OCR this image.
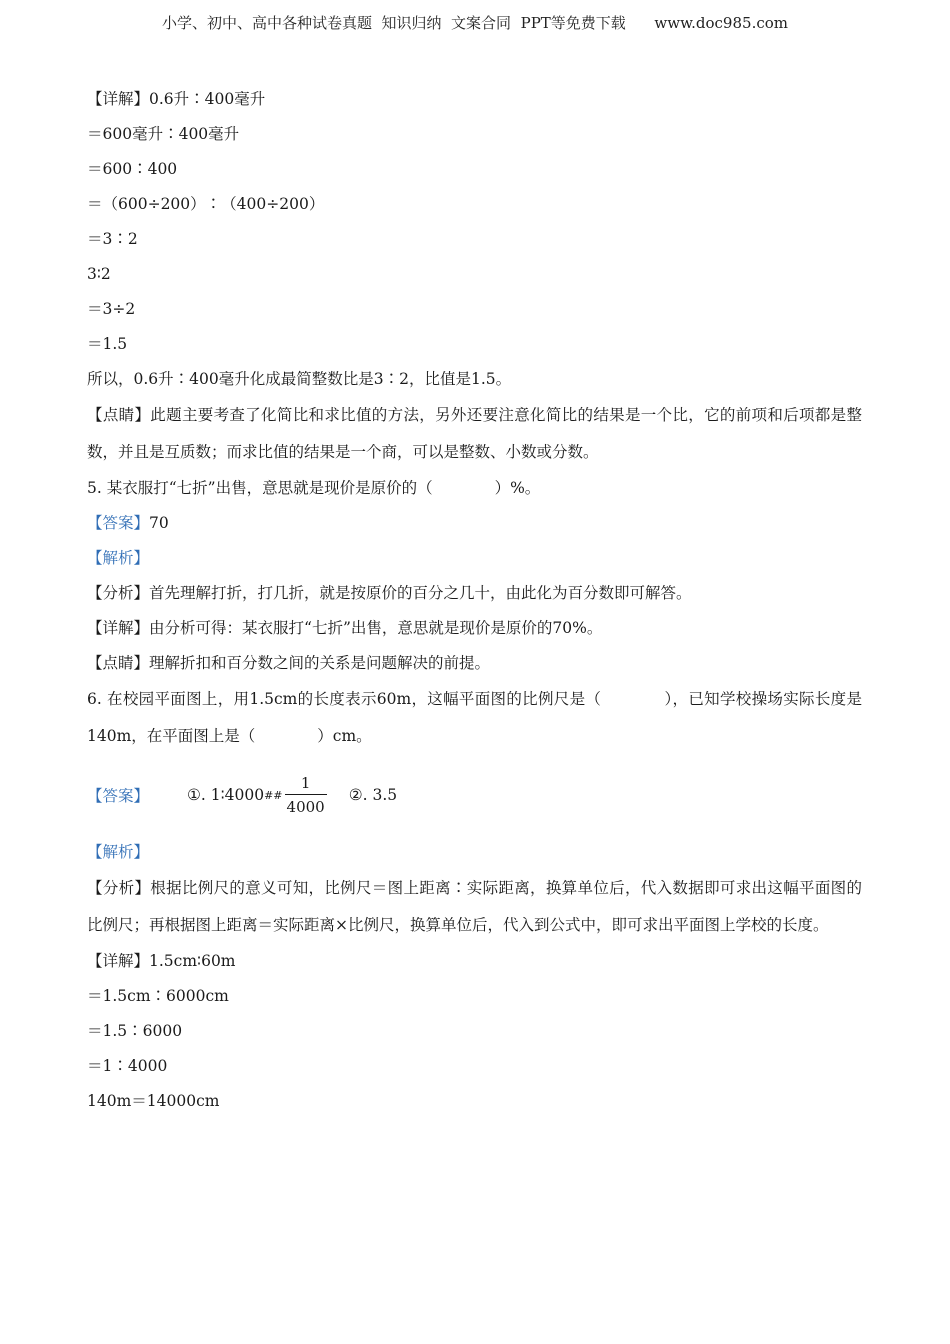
小学、初中、高中各种试卷真题  知识归纳  文案合同  PPT等免费下载      www.doc985.com
【详解】0.6升∶400毫升
＝600毫升∶400毫升
＝600∶400
＝（600÷200）∶（400÷200）
＝3∶2
3∶2
＝3÷2
＝1.5
所以，0.6升∶400毫升化成最简整数比是3∶2，比值是1.5。
【点睛】此题主要考查了化简比和求比值的方法，另外还要注意化简比的结果是一个比，它的前项和后项都是整数，并且是互质数；而求比值的结果是一个商，可以是整数、小数或分数。
5. 某衣服打“七折”出售，意思就是现价是原价的（　　　　）%。
【答案】70
【解析】
【分析】首先理解打折，打几折，就是按原价的百分之几十，由此化为百分数即可解答。
【详解】由分析可得：某衣服打“七折”出售，意思就是现价是原价的70%。
【点睛】理解折扣和百分数之间的关系是问题解决的前提。
6. 在校园平面图上，用1.5cm的长度表示60m，这幅平面图的比例尺是（　　　　），已知学校操场实际长度是140m，在平面图上是（　　　　）cm。
【答案】	①. 1∶4000 ## $\frac{1}{4000}$ ②. 3.5
【解析】
【分析】根据比例尺的意义可知，比例尺＝图上距离∶实际距离，换算单位后，代入数据即可求出这幅平面图的比例尺；再根据图上距离＝实际距离×比例尺，换算单位后，代入到公式中，即可求出平面图上学校的长度。
【详解】1.5cm∶60m
＝1.5cm∶6000cm
＝1.5∶6000
＝1∶4000
140m＝14000cm
